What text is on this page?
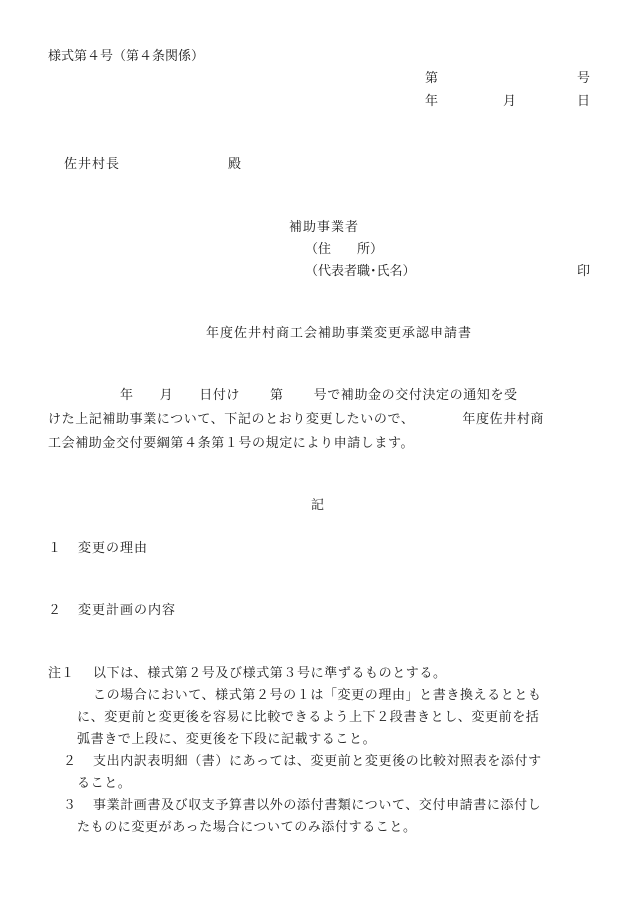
様式第４号（第４条関係）
第	号
年	月	日
佐井村長	殿
補助事業者
（住　　所）
（代表者職･氏名）	印
年度佐井村商工会補助事業変更承認申請書
年 月 日付け 第 号で補助金の交付決定の通知を受
けた上記補助事業について、下記のとおり変更したいので、	年度佐井村商
工会補助金交付要綱第４条第１号の規定により申請します。
記
１ 変更の理由
２ 変更計画の内容
注１ 以下は、様式第２号及び様式第３号に準ずるものとする。
この場合において、様式第２号の１は「変更の理由」と書き換えるととも
に、変更前と変更後を容易に比較できるよう上下２段書きとし、変更前を括
弧書きで上段に、変更後を下段に記載すること。
２ 支出内訳表明細（書）にあっては、変更前と変更後の比較対照表を添付す
ること。
３ 事業計画書及び収支予算書以外の添付書類について、交付申請書に添付し
たものに変更があった場合についてのみ添付すること。
